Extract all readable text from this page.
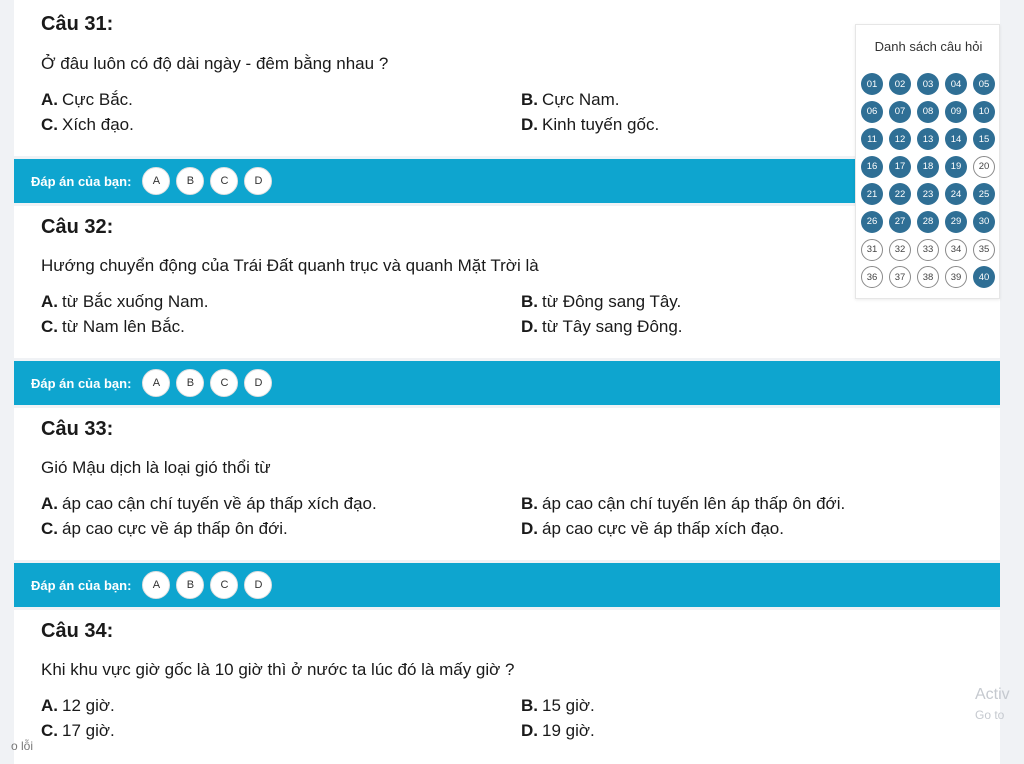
Câu 31:
Ở đâu luôn có độ dài ngày - đêm bằng nhau ?
A. Cực Bắc.	B. Cực Nam.
C. Xích đạo.	D. Kinh tuyến gốc.
Đáp án của bạn:	A	B	C	D
Câu 32:
Hướng chuyển động của Trái Đất quanh trục và quanh Mặt Trời là
A. từ Bắc xuống Nam.	B. từ Đông sang Tây.
C. từ Nam lên Bắc.	D. từ Tây sang Đông.
Đáp án của bạn:	A	B	C	D
Câu 33:
Gió Mậu dịch là loại gió thổi từ
A. áp cao cận chí tuyến về áp thấp xích đạo.	B. áp cao cận chí tuyến lên áp thấp ôn đới.
C. áp cao cực về áp thấp ôn đới.	D. áp cao cực về áp thấp xích đạo.
Đáp án của bạn:	A	B	C	D
Câu 34:
Khi khu vực giờ gốc là 10 giờ thì ở nước ta lúc đó là mấy giờ ?
A. 12 giờ.	B. 15 giờ.
C. 17 giờ.	D. 19 giờ.
Danh sách câu hỏi
01	02	03	04	05
06	07	08	09	10
11	12	13	14	15
16	17	18	19	20
21	22	23	24	25
26	27	28	29	30
31	32	33	34	35
36	37	38	39	40
Activ
Go to
o lỗi
